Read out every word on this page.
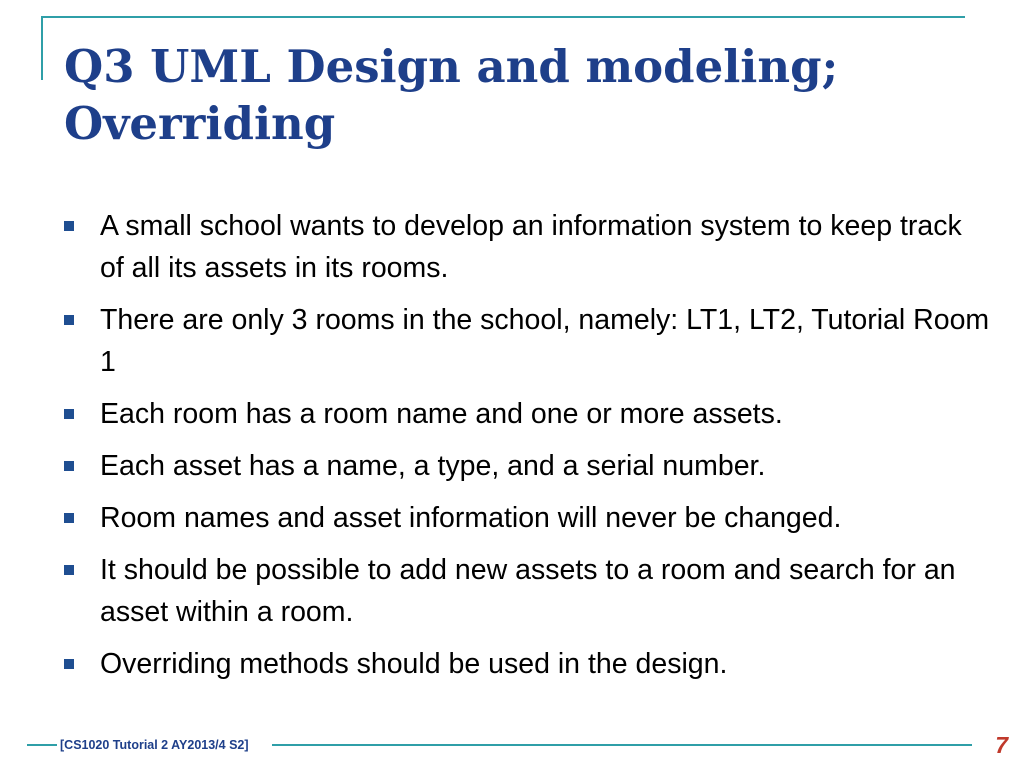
Q3 UML Design and modeling;
Overriding
A small school wants to develop an information system to keep track of all its assets in its rooms.
There are only 3 rooms in the school, namely: LT1, LT2, Tutorial Room 1
Each room has a room name and one or more assets.
Each asset has a name, a type, and a serial number.
Room names and asset information will never be changed.
It should be possible to add new assets to a room and search for an asset within a room.
Overriding methods should be used in the design.
[CS1020 Tutorial 2 AY2013/4 S2]	7
